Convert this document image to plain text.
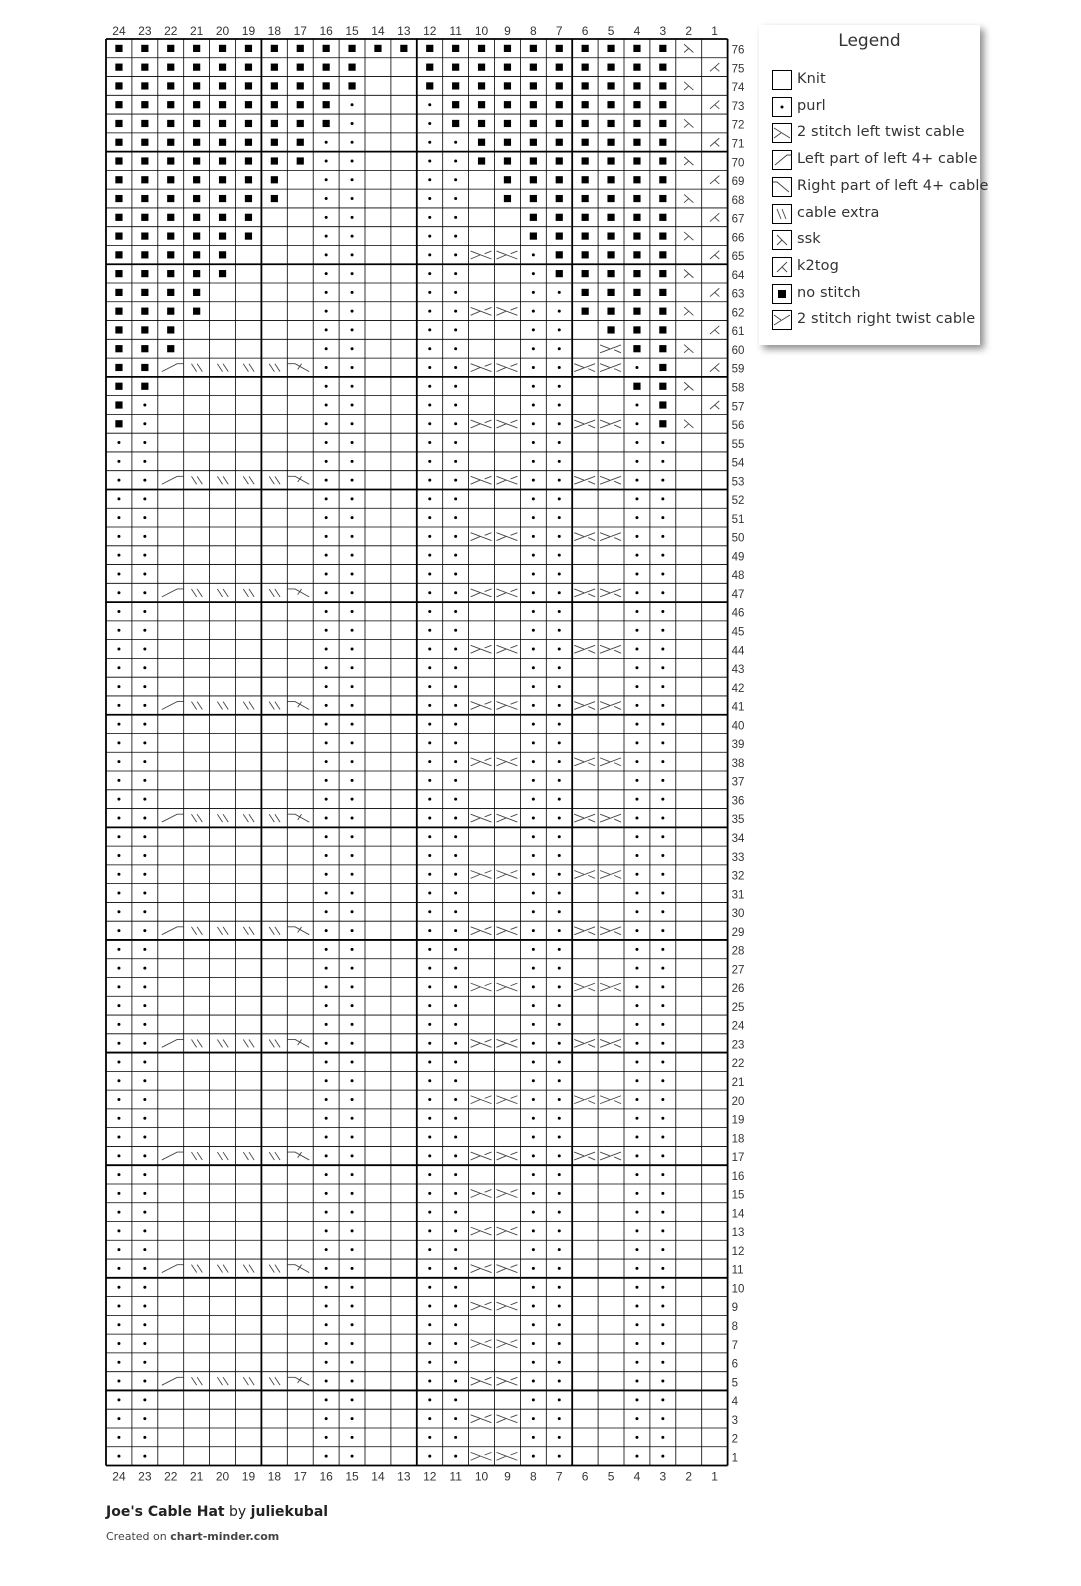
24
24
23
23
22
22
21
21
20
20
19
19
18
18
17
17
16
16
15
15
14
14
13
13
12
12
11
11
10
10
9
9
8
8
7
7
6
6
5
5
4
4
3
3
2
2
1
1
76
75
74
73
72
71
70
69
68
67
66
65
64
63
62
61
60
59
58
57
56
55
54
53
52
51
50
49
48
47
46
45
44
43
42
41
40
39
38
37
36
35
34
33
32
31
30
29
28
27
26
25
24
23
22
21
20
19
18
17
16
15
14
13
12
11
10
9
8
7
6
5
4
3
2
1
Legend
Knit
purl
2 stitch left twist cable
Left part of left 4+ cable
Right part of left 4+ cable
cable extra
ssk
k2tog
no stitch
2 stitch right twist cable
Joe's Cable Hat by juliekubal
Created on chart-minder.com
